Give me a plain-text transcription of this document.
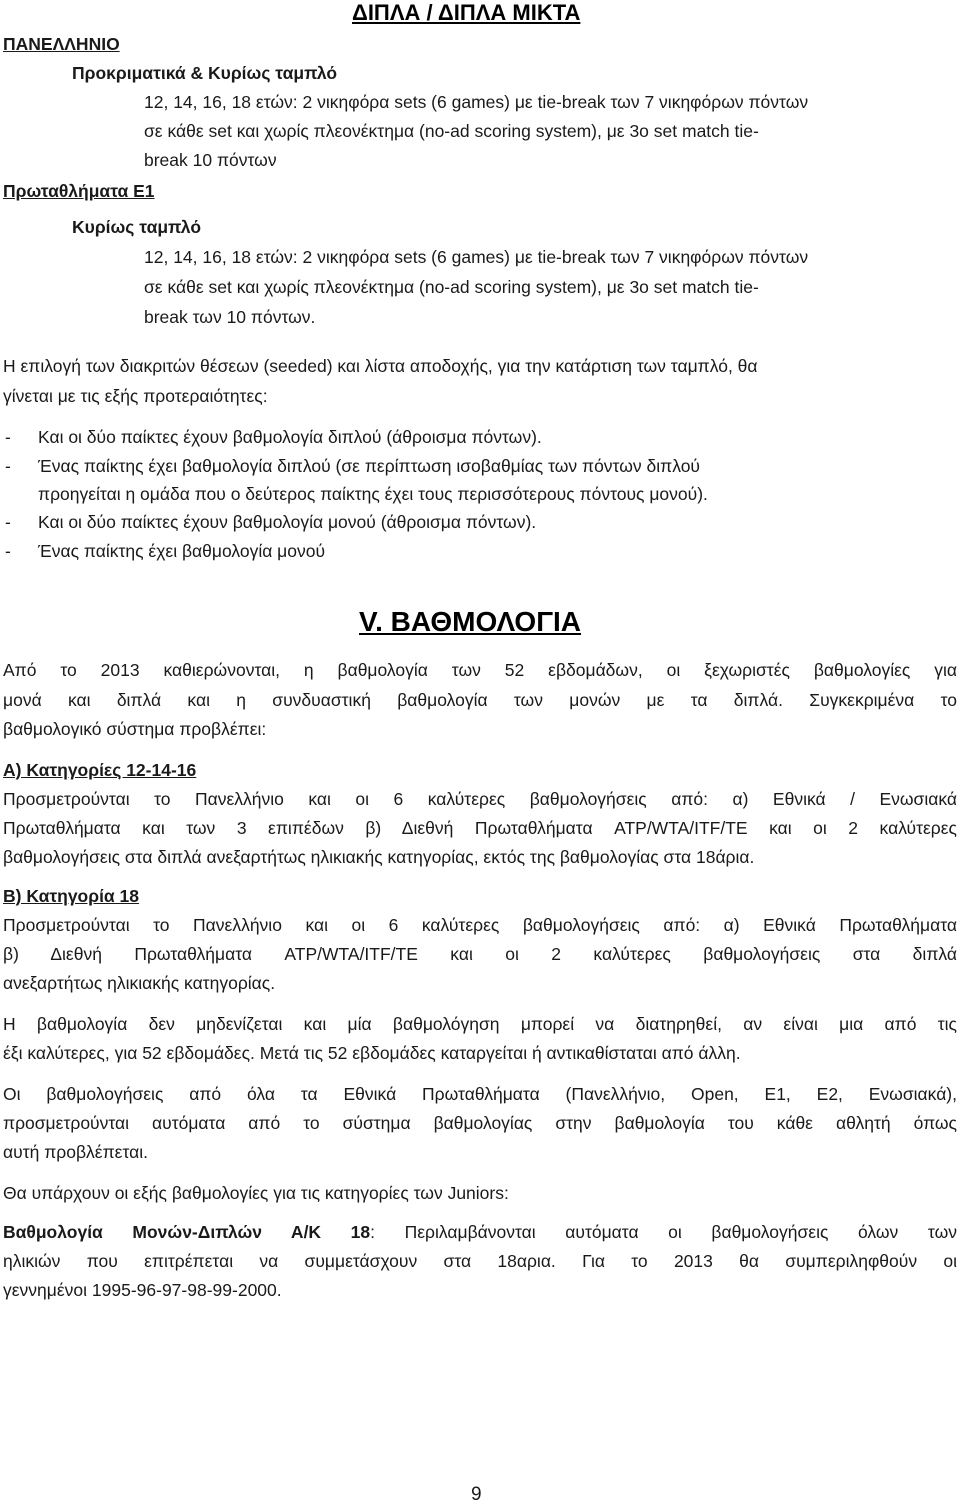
ΔΙΠΛΑ / ΔΙΠΛΑ ΜΙΚΤΑ
ΠΑΝΕΛΛΗΝΙΟ
Προκριματικά & Κυρίως ταμπλό
12, 14, 16, 18 ετών: 2 νικηφόρα sets (6 games) με tie-break των 7 νικηφόρων πόντων
σε κάθε set και χωρίς πλεονέκτημα (no-ad scoring system), με 3ο set match tie-
break 10 πόντων
Πρωταθλήματα Ε1
Κυρίως ταμπλό
12, 14, 16, 18 ετών: 2 νικηφόρα sets (6 games) με tie-break των 7 νικηφόρων πόντων
σε κάθε set και χωρίς πλεονέκτημα (no-ad scoring system), με 3ο set match tie-
break των 10 πόντων.
Η επιλογή των διακριτών θέσεων (seeded) και λίστα αποδοχής, για την κατάρτιση των ταμπλό, θα
γίνεται με τις εξής προτεραιότητες:
- Και οι δύο παίκτες έχουν βαθμολογία διπλού (άθροισμα πόντων).
- Ένας παίκτης έχει βαθμολογία διπλού (σε περίπτωση ισοβαθμίας των πόντων διπλού
προηγείται η ομάδα που ο δεύτερος παίκτης έχει τους περισσότερους πόντους μονού).
- Και οι δύο παίκτες έχουν βαθμολογία μονού (άθροισμα πόντων).
- Ένας παίκτης έχει βαθμολογία μονού
V. ΒΑΘΜΟΛΟΓΙΑ
Από το 2013 καθιερώνονται, η βαθμολογία των 52 εβδομάδων, οι ξεχωριστές βαθμολογίες για
μονά και διπλά και η συνδυαστική βαθμολογία των μονών με τα διπλά. Συγκεκριμένα το
βαθμολογικό σύστημα προβλέπει:
Α) Κατηγορίες 12-14-16
Προσμετρούνται το Πανελλήνιο και οι 6 καλύτερες βαθμολογήσεις από: α) Εθνικά / Ενωσιακά
Πρωταθλήματα και των 3 επιπέδων β) Διεθνή Πρωταθλήματα ATP/WTA/ITF/TE και οι 2 καλύτερες
βαθμολογήσεις στα διπλά ανεξαρτήτως ηλικιακής κατηγορίας, εκτός της βαθμολογίας στα 18άρια.
Β) Κατηγορία 18
Προσμετρούνται το Πανελλήνιο και οι 6 καλύτερες βαθμολογήσεις από: α) Εθνικά Πρωταθλήματα
β) Διεθνή Πρωταθλήματα ATP/WTA/ITF/TE και οι 2 καλύτερες βαθμολογήσεις στα διπλά
ανεξαρτήτως ηλικιακής κατηγορίας.
Η βαθμολογία δεν μηδενίζεται και μία βαθμολόγηση μπορεί να διατηρηθεί, αν είναι μια από τις
έξι καλύτερες, για 52 εβδομάδες. Μετά τις 52 εβδομάδες καταργείται ή αντικαθίσταται από άλλη.
Οι βαθμολογήσεις από όλα τα Εθνικά Πρωταθλήματα (Πανελλήνιο, Open, Ε1, Ε2, Ενωσιακά),
προσμετρούνται αυτόματα από το σύστημα βαθμολογίας στην βαθμολογία του κάθε αθλητή όπως
αυτή προβλέπεται.
Θα υπάρχουν οι εξής βαθμολογίες για τις κατηγορίες των Juniors:
Βαθμολογία Μονών-Διπλών Α/Κ 18: Περιλαμβάνονται αυτόματα οι βαθμολογήσεις όλων των
ηλικιών που επιτρέπεται να συμμετάσχουν στα 18αρια. Για το 2013 θα συμπεριληφθούν οι
γεννημένοι 1995-96-97-98-99-2000.
9
